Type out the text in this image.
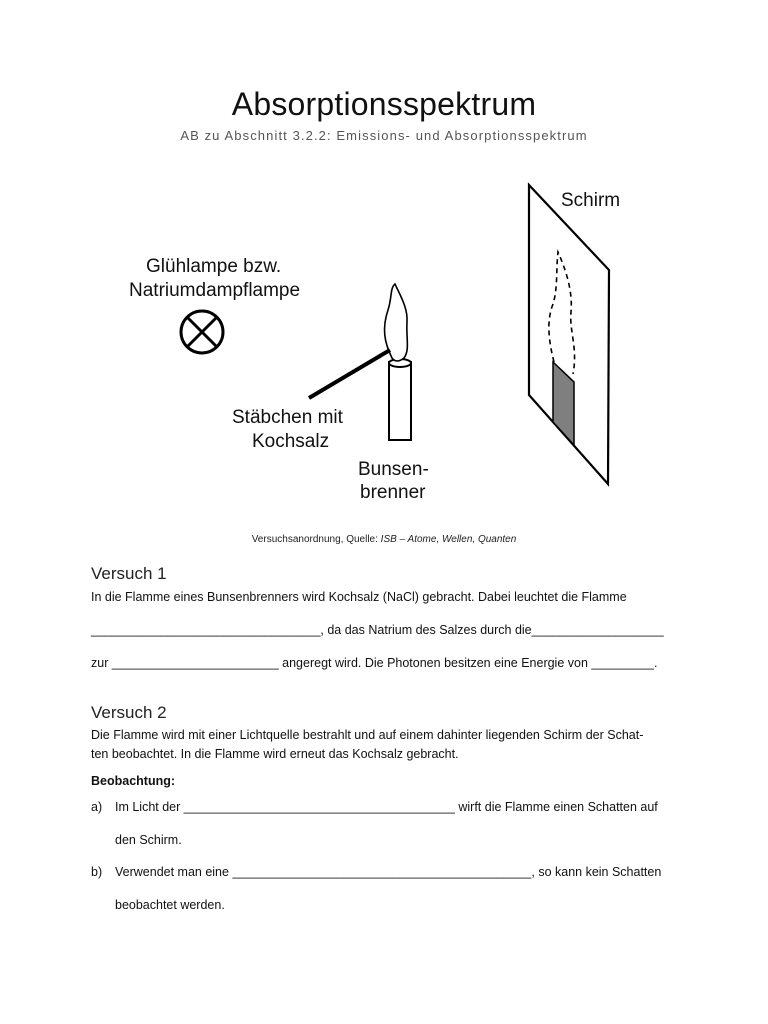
Absorptionsspektrum
AB zu Abschnitt 3.2.2: Emissions- und Absorptionsspektrum
Glühlampe bzw.
Natriumdampflampe
Stäbchen mit
Kochsalz
Bunsen-
brenner
Schirm
Versuchsanordnung, Quelle: ISB – Atome, Wellen, Quanten
Versuch 1
In die Flamme eines Bunsenbrenners wird Kochsalz (NaCl) gebracht. Dabei leuchtet die Flamme
_________________________________, da das Natrium des Salzes durch die___________________
zur ________________________ angeregt wird. Die Photonen besitzen eine Energie von _________.
Versuch 2
Die Flamme wird mit einer Lichtquelle bestrahlt und auf einem dahinter liegenden Schirm der Schat-
ten beobachtet. In die Flamme wird erneut das Kochsalz gebracht.
Beobachtung:
a) Im Licht der _______________________________________ wirft die Flamme einen Schatten auf
den Schirm.
b) Verwendet man eine ___________________________________________, so kann kein Schatten
beobachtet werden.
